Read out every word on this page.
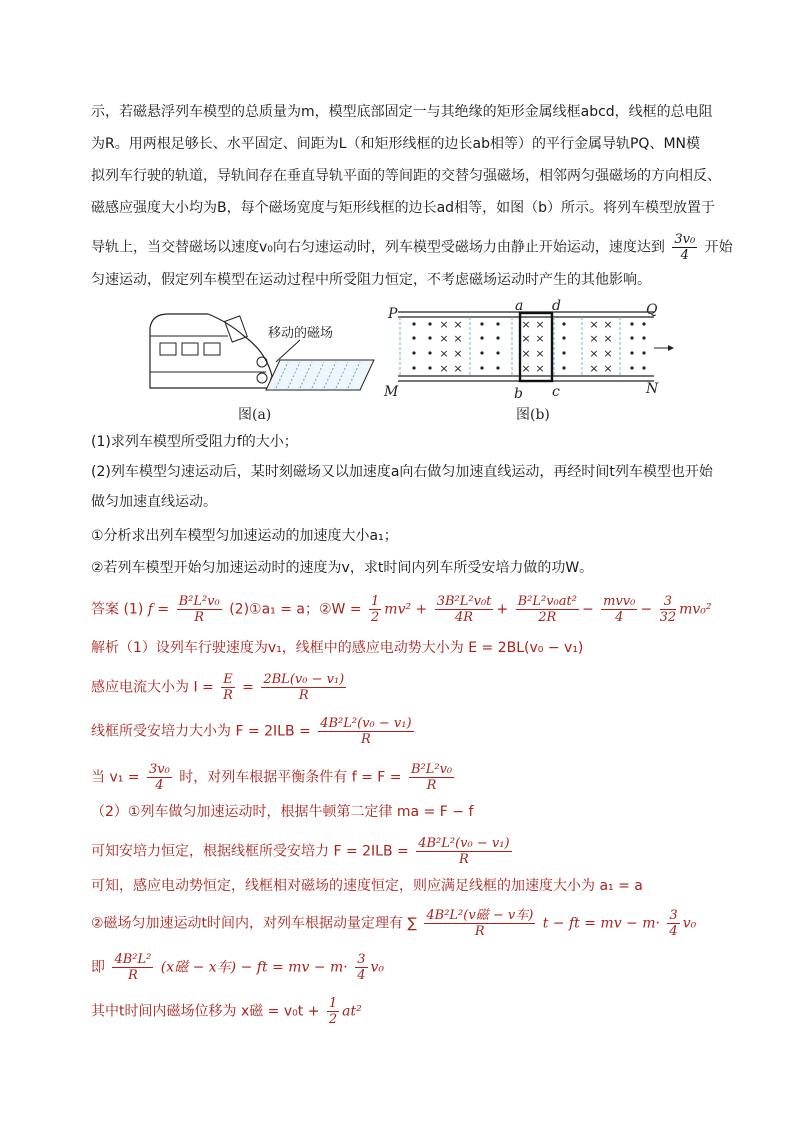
示，若磁悬浮列车模型的总质量为m，模型底部固定一与其绝缘的矩形金属线框abcd，线框的总电阻
为R。用两根足够长、水平固定、间距为L（和矩形线框的边长ab相等）的平行金属导轨PQ、MN模
拟列车行驶的轨道，导轨间存在垂直导轨平面的等间距的交替匀强磁场，相邻两匀强磁场的方向相反、
磁感应强度大小均为B，每个磁场宽度与矩形线框的边长ad相等，如图（b）所示。将列车模型放置于
导轨上，当交替磁场以速度v₀向右匀速运动时，列车模型受磁场力由静止开始运动，速度达到 $\frac{\text{3v₀}}{4}$ 开始
匀速运动，假定列车模型在运动过程中所受阻力恒定，不考虑磁场运动时产生的其他影响。
移动的磁场
图(a)
×
×
×
×
×
×
×
×
×
×
×
×
×
×
×
×
×
×
×
×
×
×
×
×
P	Q
M	N
a d
b c
图(b)
(1)求列车模型所受阻力f的大小；
(2)列车模型匀速运动后，某时刻磁场又以加速度a向右做匀加速直线运动，再经时间t列车模型也开始
做匀加速直线运动。
①分析求出列车模型匀加速运动的加速度大小a₁；
②若列车模型开始匀加速运动时的速度为v，求t时间内列车所受安培力做的功W。
答案 (1) $f = \frac{\text{B²L²v₀}}{R}$ (2)①a₁ = a；②W = $\frac{1}{2} mv^2 + \frac{\text{3B²L²v₀t}}{4R} + \frac{\text{B²L²v₀at²}}{2R} - \frac{\text{mvv₀}}{4} - \frac{3}{32} mv_0^2$
解析（1）设列车行驶速度为v₁，线框中的感应电动势大小为 E = 2BL(v₀ − v₁)
感应电流大小为 $I = \frac{E}{R} = \frac{\text{2BL(v₀ − v₁)}}{R}$
线框所受安培力大小为 $F = 2ILB = \frac{\text{4B²L²(v₀ − v₁)}}{R}$
当 $v_1 = \frac{\text{3v₀}}{4}$ 时，对列车根据平衡条件有 $f = F = \frac{\text{B²L²v₀}}{R}$
（2）①列车做匀加速运动时，根据牛顿第二定律 ma = F − f
可知安培力恒定，根据线框所受安培力 $F = 2ILB = \frac{\text{4B²L²(v₀ − v₁)}}{R}$
可知，感应电动势恒定，线框相对磁场的速度恒定，则应满足线框的加速度大小为 a₁ = a
②磁场匀加速运动t时间内，对列车根据动量定理有 ∑ $\frac{\text{4B²L²(v磁 − v车)}}{R}$ t − ft = mv − $m\cdot \frac{3}{4} v_0$
即 $\frac{\text{4B²L²}}{R} (x$磁 − x车) − ft = mv − $m\cdot \frac{3}{4} v_0$
其中t时间内磁场位移为 x磁 = $v_0t + \frac{1}{2} at^2$
